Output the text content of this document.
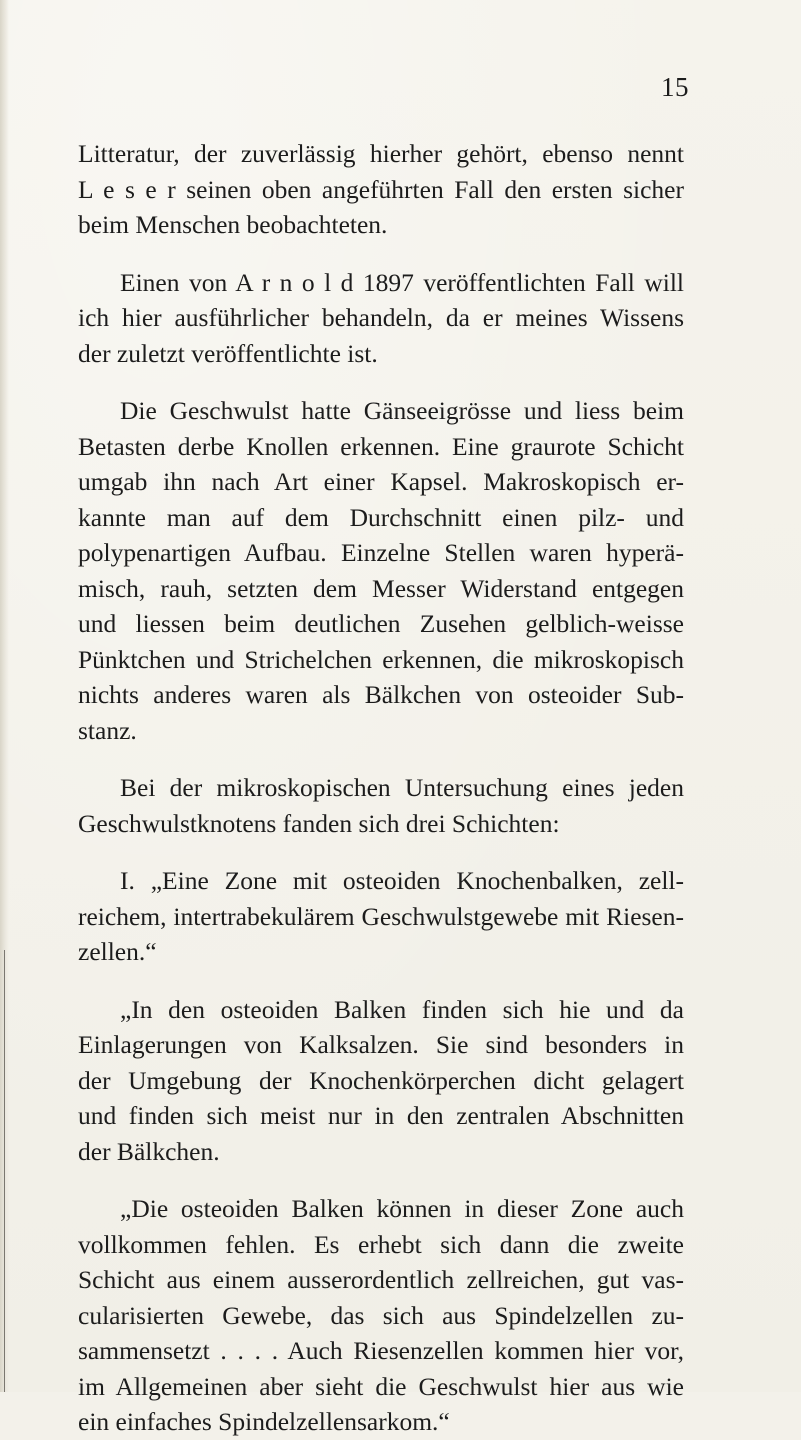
15
Litteratur, der zuverlässig hierher gehört, ebenso nennt
L e s e r seinen oben angeführten Fall den ersten sicher
beim Menschen beobachteten.
Einen von A r n o l d 1897 veröffentlichten Fall will
ich hier ausführlicher behandeln, da er meines Wissens
der zuletzt veröffentlichte ist.
Die Geschwulst hatte Gänseeigrösse und liess beim
Betasten derbe Knollen erkennen. Eine graurote Schicht
umgab ihn nach Art einer Kapsel. Makroskopisch er-
kannte man auf dem Durchschnitt einen pilz- und
polypenartigen Aufbau. Einzelne Stellen waren hyperä-
misch, rauh, setzten dem Messer Widerstand entgegen
und liessen beim deutlichen Zusehen gelblich-weisse
Pünktchen und Strichelchen erkennen, die mikroskopisch
nichts anderes waren als Bälkchen von osteoider Sub-
stanz.
Bei der mikroskopischen Untersuchung eines jeden
Geschwulstknotens fanden sich drei Schichten:
I. „Eine Zone mit osteoiden Knochenbalken, zell-
reichem, intertrabekulärem Geschwulstgewebe mit Riesen-
zellen.“
„In den osteoiden Balken finden sich hie und da
Einlagerungen von Kalksalzen. Sie sind besonders in
der Umgebung der Knochenkörperchen dicht gelagert
und finden sich meist nur in den zentralen Abschnitten
der Bälkchen.
„Die osteoiden Balken können in dieser Zone auch
vollkommen fehlen. Es erhebt sich dann die zweite
Schicht aus einem ausserordentlich zellreichen, gut vas-
cularisierten Gewebe, das sich aus Spindelzellen zu-
sammensetzt . . . . Auch Riesenzellen kommen hier vor,
im Allgemeinen aber sieht die Geschwulst hier aus wie
ein einfaches Spindelzellensarkom.“
